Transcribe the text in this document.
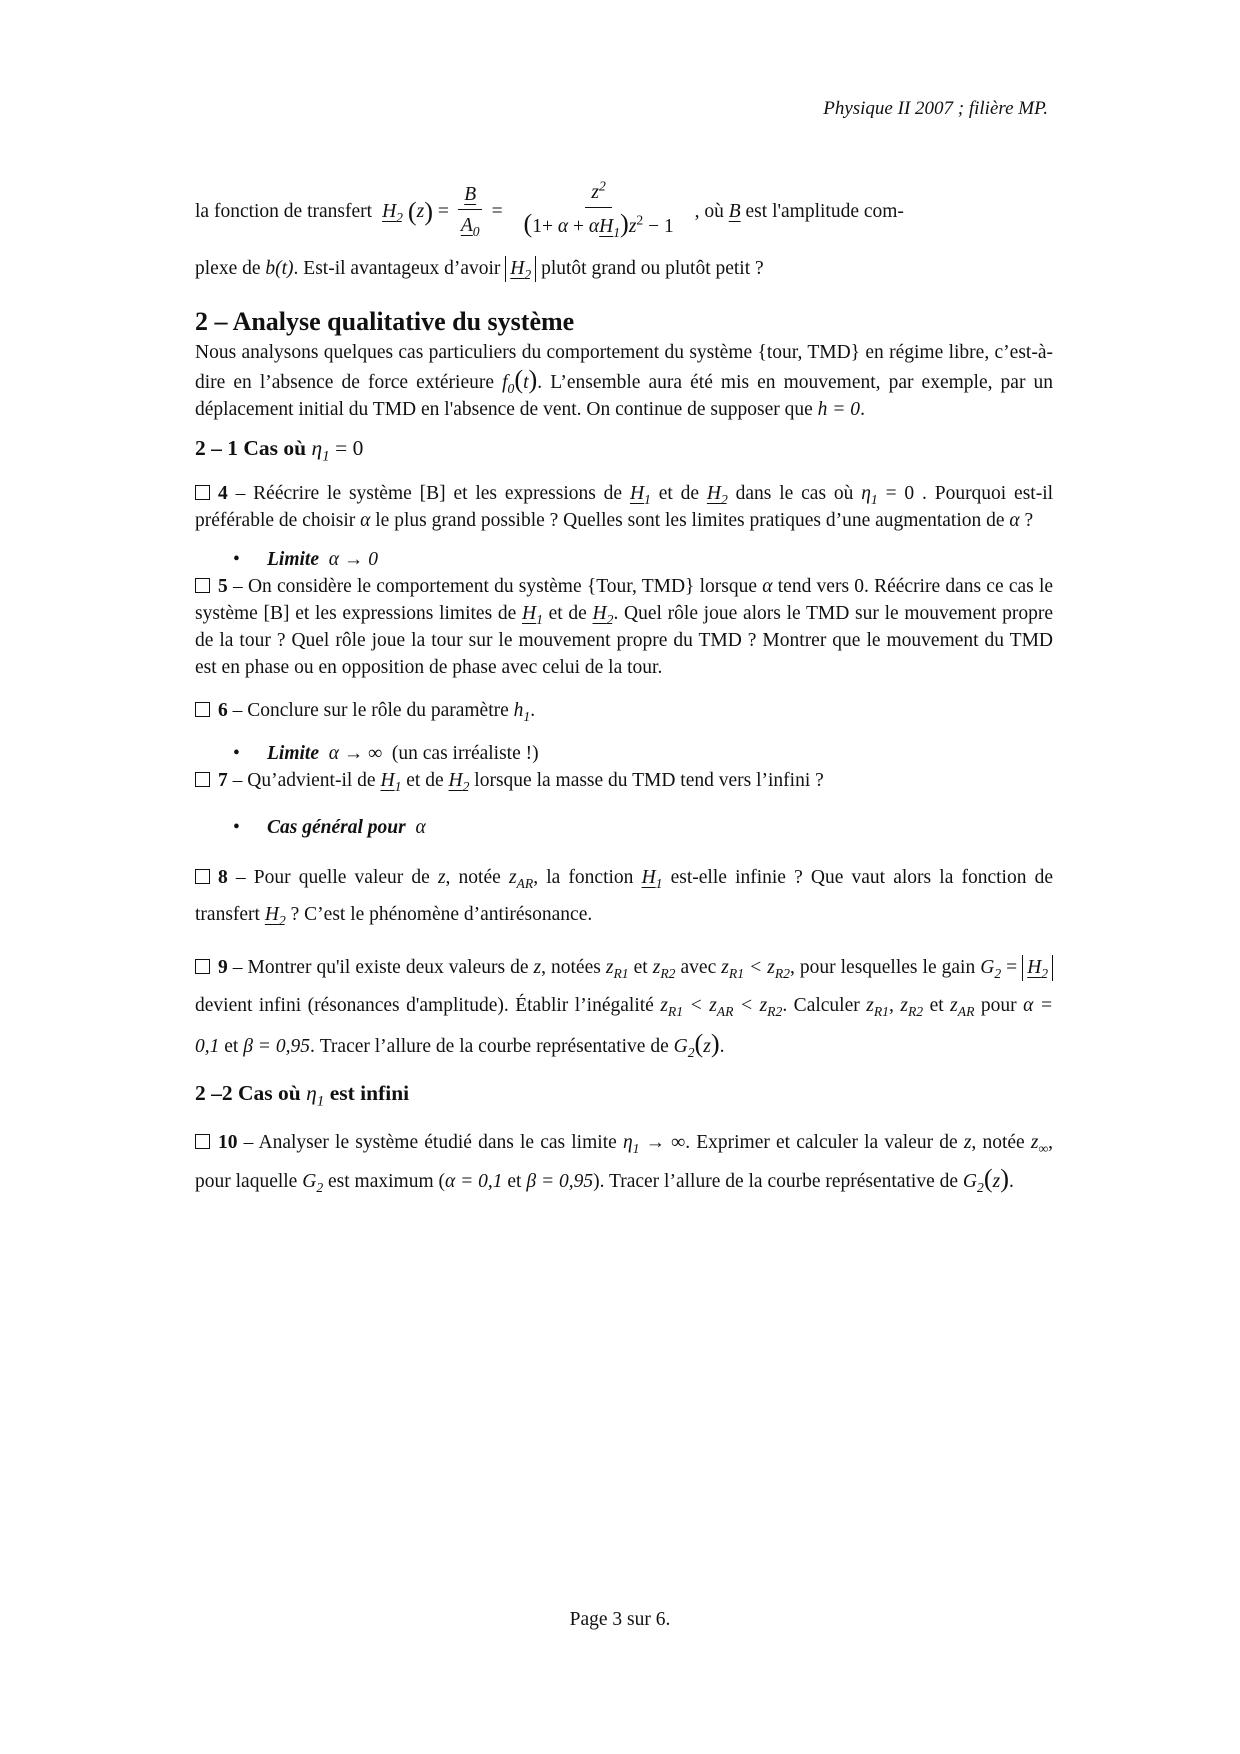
Physique II 2007 ; filière MP.
la fonction de transfert $H_2$
( z ) = $\frac{B}{A_0} = \frac{z^2}{(1+ \alpha + \alpha H_1)z^2 - 1}$ , où
B
est l'amplitude com-

plexe de b(t). Est-il avantageux d’avoir $H_2$ plutôt grand ou plutôt petit ?

2 – Analyse qualitative du système

Nous analysons quelques cas particuliers du comportement du système {tour, TMD} en régime libre, c’est-à-dire en l’absence de force extérieure $f_0(t)$. L’ensemble aura été mis en mouvement, par exemple, par un déplacement initial du TMD en l'absence de vent. On continue de supposer que h = 0.

2 – 1 Cas où $\eta_1 = 0$

4 – Réécrire le système [B] et les expressions de $H_1$ et de $H_2$ dans le cas où $\eta_1 = 0$ . Pourquoi est-il préférable de choisir α le plus grand possible ? Quelles sont les limites pratiques d’une augmentation de α ?

• Limite α → 0

5 – On considère le comportement du système {Tour, TMD} lorsque α tend vers 0. Réécrire dans ce cas le système [B] et les expressions limites de $H_1$ et de $H_2$. Quel rôle joue alors le TMD sur le mouvement propre de la tour ? Quel rôle joue la tour sur le mouvement propre du TMD ? Montrer que le mouvement du TMD est en phase ou en opposition de phase avec celui de la tour.

6 – Conclure sur le rôle du paramètre $h_1$.

• Limite α → ∞ (un cas irréaliste !)

7 – Qu’advient-il de $H_1$ et de $H_2$ lorsque la masse du TMD tend vers l’infini ?

• Cas général pour α

8 – Pour quelle valeur de z, notée $z_{AR}$, la fonction $H_1$ est-elle infinie ? Que vaut alors la fonction de transfert $H_2$ ? C’est le phénomène d’antirésonance.

9 – Montrer qu'il existe deux valeurs de z, notées $z_{R1}$ et $z_{R2}$ avec $z_{R1} < z_{R2}$, pour lesquelles le gain $G_2 = H_2$ devient infini (résonances d'amplitude). Établir l’inégalité $z_{R1} < z_{AR} < z_{R2}$. Calculer $z_{R1}$, $z_{R2}$ et $z_{AR}$ pour α = 0,1 et β = 0,95. Tracer l’allure de la courbe représentative de $G_2(z)$.

2 –2 Cas où $\eta_1$ est infini

10 – Analyser le système étudié dans le cas limite $\eta_1$ → ∞. Exprimer et calculer la valeur de z, notée $z_\infty$, pour laquelle $G_2$ est maximum (α = 0,1 et β = 0,95). Tracer l’allure de la courbe représentative de $G_2(z)$.

Page 3 sur 6.
